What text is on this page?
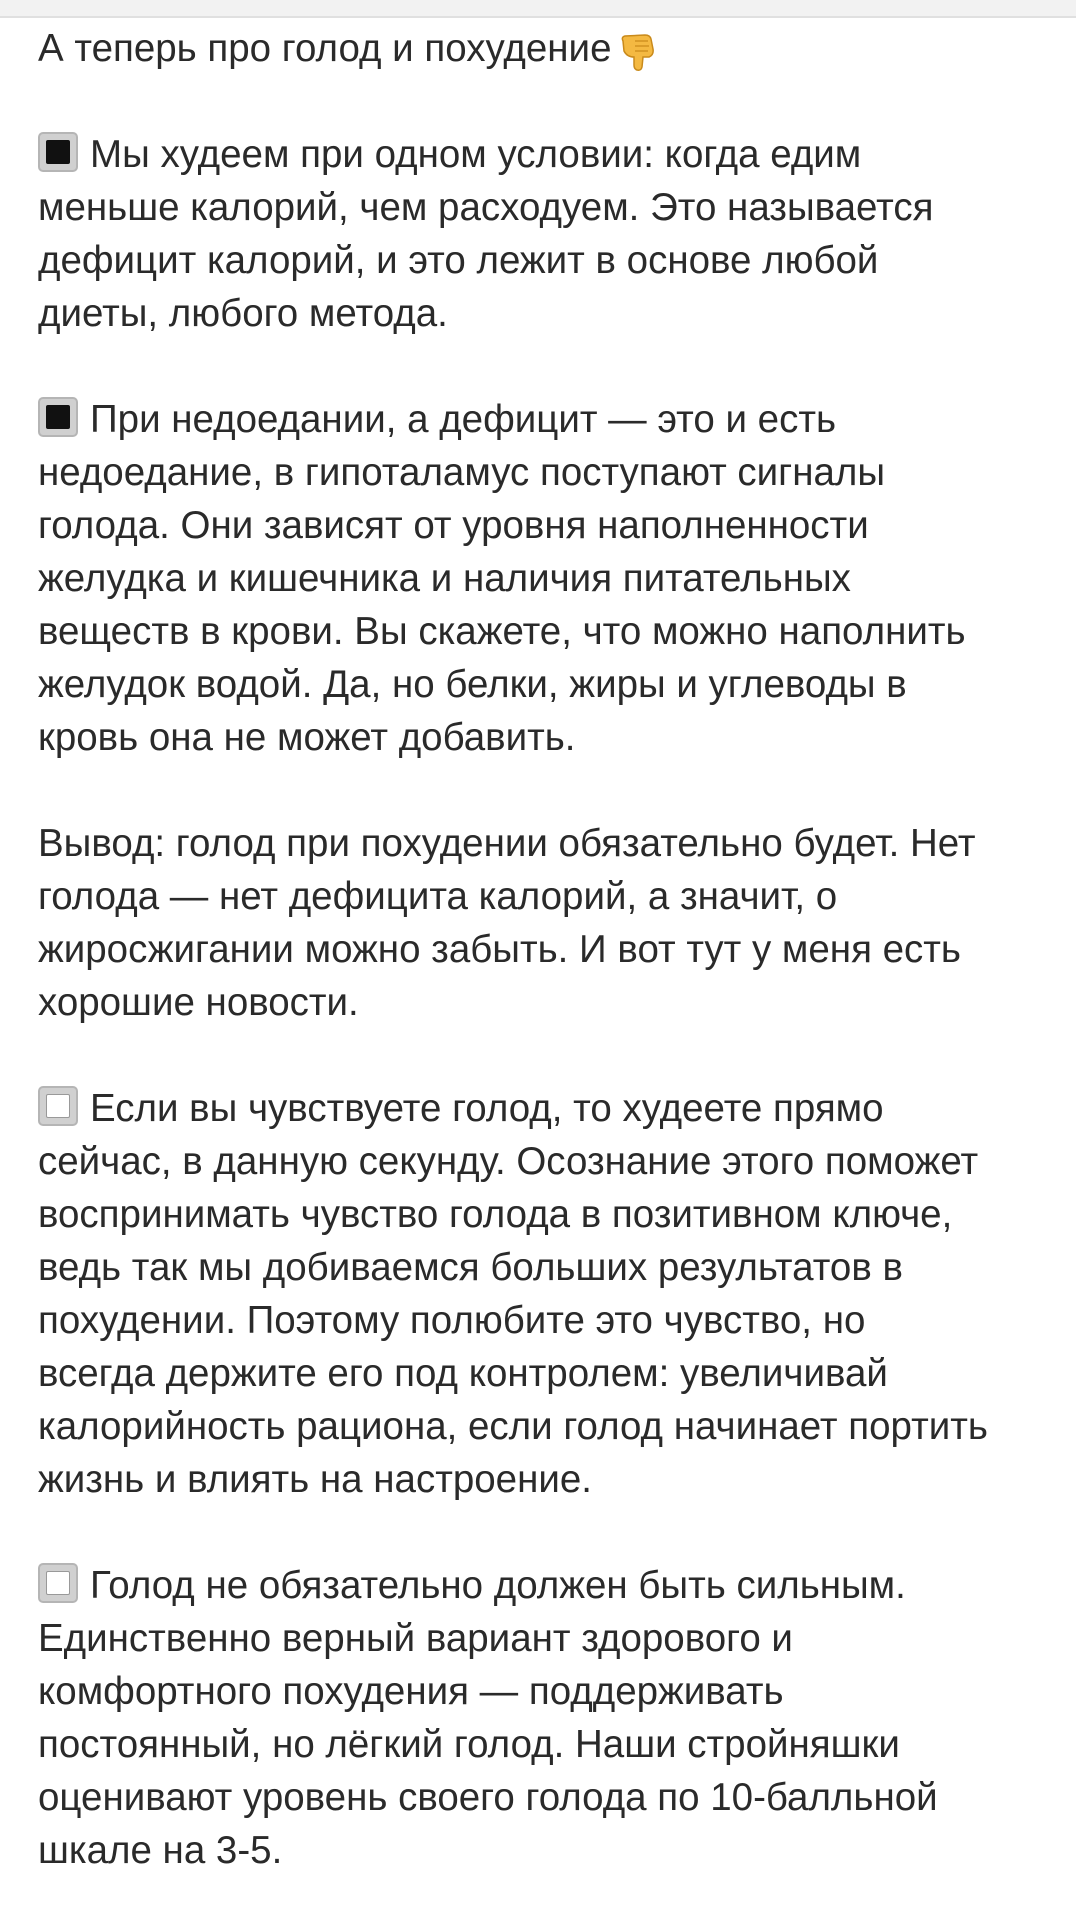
А теперь про голод и похудение

Мы худеем при одном условии: когда едим
меньше калорий, чем расходуем. Это называется
дефицит калорий, и это лежит в основе любой
диеты, любого метода.

При недоедании, а дефицит — это и есть
недоедание, в гипоталамус поступают сигналы
голода. Они зависят от уровня наполненности
желудка и кишечника и наличия питательных
веществ в крови. Вы скажете, что можно наполнить
желудок водой. Да, но белки, жиры и углеводы в
кровь она не может добавить.

Вывод: голод при похудении обязательно будет. Нет
голода — нет дефицита калорий, а значит, о
жиросжигании можно забыть. И вот тут у меня есть
хорошие новости.

Если вы чувствуете голод, то худеете прямо
сейчас, в данную секунду. Осознание этого поможет
воспринимать чувство голода в позитивном ключе,
ведь так мы добиваемся больших результатов в
похудении. Поэтому полюбите это чувство, но
всегда держите его под контролем: увеличивай
калорийность рациона, если голод начинает портить
жизнь и влиять на настроение.

Голод не обязательно должен быть сильным.
Единственно верный вариант здорового и
комфортного похудения — поддерживать
постоянный, но лёгкий голод. Наши стройняшки
оценивают уровень своего голода по 10-балльной
шкале на 3-5.
